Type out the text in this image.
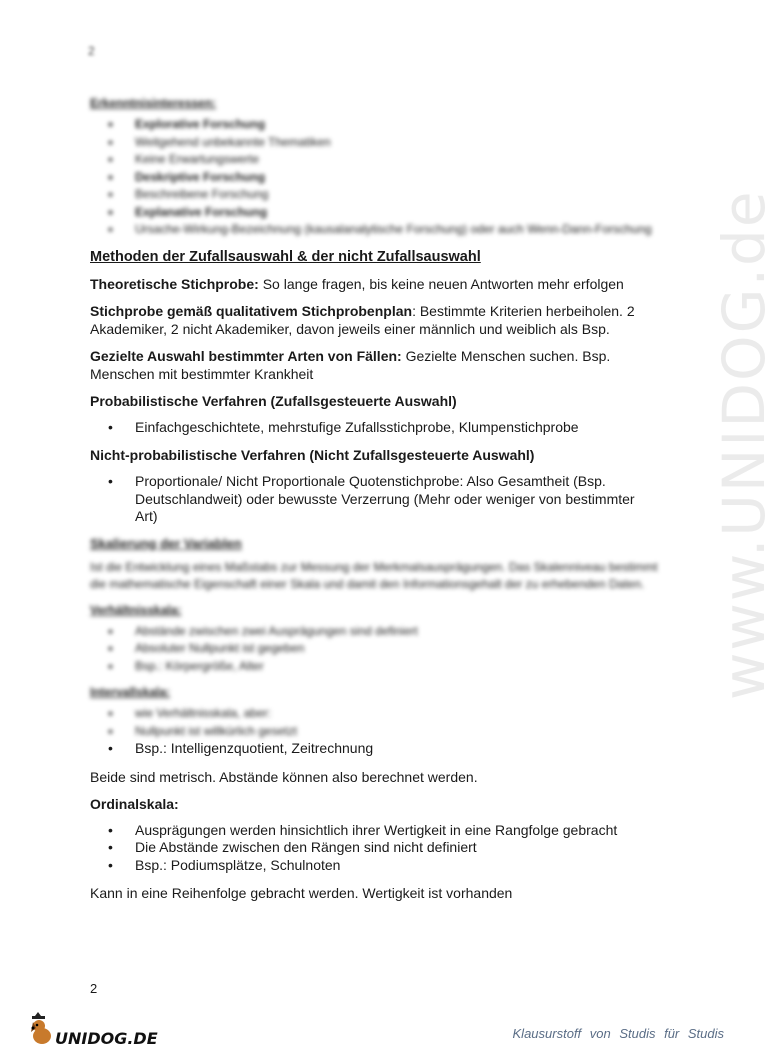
2
www.UNIDOG.de
Erkenntnisinteressen:
• Explorative Forschung
• Weitgehend unbekannte Thematiken
• Keine Erwartungswerte
• Deskriptive Forschung
• Beschreibene Forschung
• Explanative Forschung
• Ursache-Wirkung-Bezeichnung (kausalanalytische Forschung) oder auch Wenn-Dann-Forschung
Methoden der Zufallsauswahl & der nicht Zufallsauswahl
Theoretische Stichprobe: So lange fragen, bis keine neuen Antworten mehr erfolgen
Stichprobe gemäß qualitativem Stichprobenplan: Bestimmte Kriterien herbeiholen. 2 Akademiker, 2 nicht Akademiker, davon jeweils einer männlich und weiblich als Bsp.
Gezielte Auswahl bestimmter Arten von Fällen: Gezielte Menschen suchen. Bsp. Menschen mit bestimmter Krankheit
Probabilistische Verfahren (Zufallsgesteuerte Auswahl)
• Einfachgeschichtete, mehrstufige Zufallsstichprobe, Klumpenstichprobe
Nicht-probabilistische Verfahren (Nicht Zufallsgesteuerte Auswahl)
• Proportionale/ Nicht Proportionale Quotenstichprobe: Also Gesamtheit (Bsp. Deutschlandweit) oder bewusste Verzerrung (Mehr oder weniger von bestimmter Art)
Skalierung der Variablen
Ist die Entwicklung eines Maßstabs zur Messung der Merkmalsausprägungen. Das Skalenniveau bestimmt die mathematische Eigenschaft einer Skala und damit den Informationsgehalt der zu erhebenden Daten.
Verhältnisskala:
• Abstände zwischen zwei Ausprägungen sind definiert
• Absoluter Nullpunkt ist gegeben
• Bsp.: Körpergröße, Alter
Intervallskala:
• wie Verhältnisskala, aber:
• Nullpunkt ist willkürlich gesetzt
• Bsp.: Intelligenzquotient, Zeitrechnung
Beide sind metrisch. Abstände können also berechnet werden.
Ordinalskala:
• Ausprägungen werden hinsichtlich ihrer Wertigkeit in eine Rangfolge gebracht
• Die Abstände zwischen den Rängen sind nicht definiert
• Bsp.: Podiumsplätze, Schulnoten
Kann in eine Reihenfolge gebracht werden. Wertigkeit ist vorhanden
2
UNIDOG.DE	Klausurstoff von Studis für Studis
